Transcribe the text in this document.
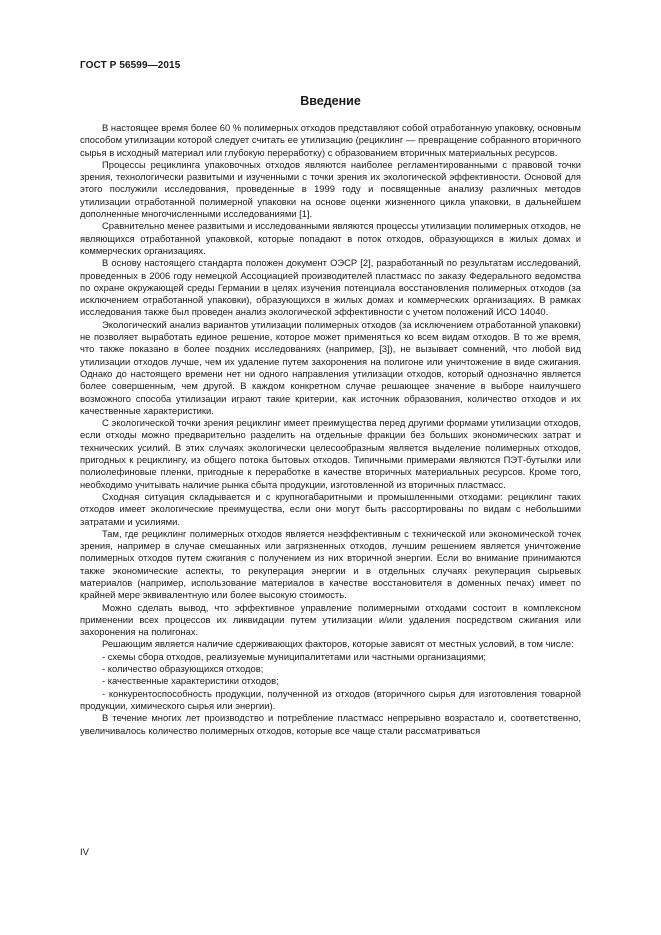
ГОСТ Р 56599—2015
Введение

В настоящее время более 60 % полимерных отходов представляют собой отработанную упаковку, основным способом утилизации которой следует считать ее утилизацию (рециклинг — превращение собранного вторичного сырья в исходный материал или глубокую переработку) с образованием вторичных материальных ресурсов.

Процессы рециклинга упаковочных отходов являются наиболее регламентированными с правовой точки зрения, технологически развитыми и изученными с точки зрения их экологической эффективности. Основой для этого послужили исследования, проведенные в 1999 году и посвященные анализу различных методов утилизации отработанной полимерной упаковки на основе оценки жизненного цикла упаковки, в дальнейшем дополненные многочисленными исследованиями [1].

Сравнительно менее развитыми и исследованными являются процессы утилизации полимерных отходов, не являющихся отработанной упаковкой, которые попадают в поток отходов, образующихся в жилых домах и коммерческих организациях.

В основу настоящего стандарта положен документ ОЭСР [2], разработанный по результатам исследований, проведенных в 2006 году немецкой Ассоциацией производителей пластмасс по заказу Федерального ведомства по охране окружающей среды Германии в целях изучения потенциала восстановления полимерных отходов (за исключением отработанной упаковки), образующихся в жилых домах и коммерческих организациях. В рамках исследования также был проведен анализ экологической эффективности с учетом положений ИСО 14040.

Экологический анализ вариантов утилизации полимерных отходов (за исключением отработанной упаковки) не позволяет выработать единое решение, которое может применяться ко всем видам отходов. В то же время, что также показано в более поздних исследованиях (например, [3]), не вызывает сомнений, что любой вид утилизации отходов лучше, чем их удаление путем захоронения на полигоне или уничтожение в виде сжигания. Однако до настоящего времени нет ни одного направления утилизации отходов, который однозначно является более совершенным, чем другой. В каждом конкретном случае решающее значение в выборе наилучшего возможного способа утилизации играют такие критерии, как источник образования, количество отходов и их качественные характеристики.

С экологической точки зрения рециклинг имеет преимущества перед другими формами утилизации отходов, если отходы можно предварительно разделить на отдельные фракции без больших экономических затрат и технических усилий. В этих случаях экологически целесообразным является выделение полимерных отходов, пригодных к рециклингу, из общего потока бытовых отходов. Типичными примерами являются ПЭТ-бутылки или полиолефиновые пленки, пригодные к переработке в качестве вторичных материальных ресурсов. Кроме того, необходимо учитывать наличие рынка сбыта продукции, изготовленной из вторичных пластмасс.

Сходная ситуация складывается и с крупногабаритными и промышленными отходами: рециклинг таких отходов имеет экологические преимущества, если они могут быть рассортированы по видам с небольшими затратами и усилиями.

Там, где рециклинг полимерных отходов является неэффективным с технической или экономической точек зрения, например в случае смешанных или загрязненных отходов, лучшим решением является уничтожение полимерных отходов путем сжигания с получением из них вторичной энергии. Если во внимание принимаются также экономические аспекты, то рекуперация энергии и в отдельных случаях рекуперация сырьевых материалов (например, использование материалов в качестве восстановителя в доменных печах) имеет по крайней мере эквивалентную или более высокую стоимость.

Можно сделать вывод, что эффективное управление полимерными отходами состоит в комплексном применении всех процессов их ликвидации путем утилизации и/или удаления посредством сжигания или захоронения на полигонах.

Решающим является наличие сдерживающих факторов, которые зависят от местных условий, в том числе:

- схемы сбора отходов, реализуемые муниципалитетами или частными организациями;
- количество образующихся отходов;
- качественные характеристики отходов;
- конкурентоспособность продукции, полученной из отходов (вторичного сырья для изготовления товарной продукции, химического сырья или энергии).

В течение многих лет производство и потребление пластмасс непрерывно возрастало и, соответственно, увеличивалось количество полимерных отходов, которые все чаще стали рассматриваться

IV
